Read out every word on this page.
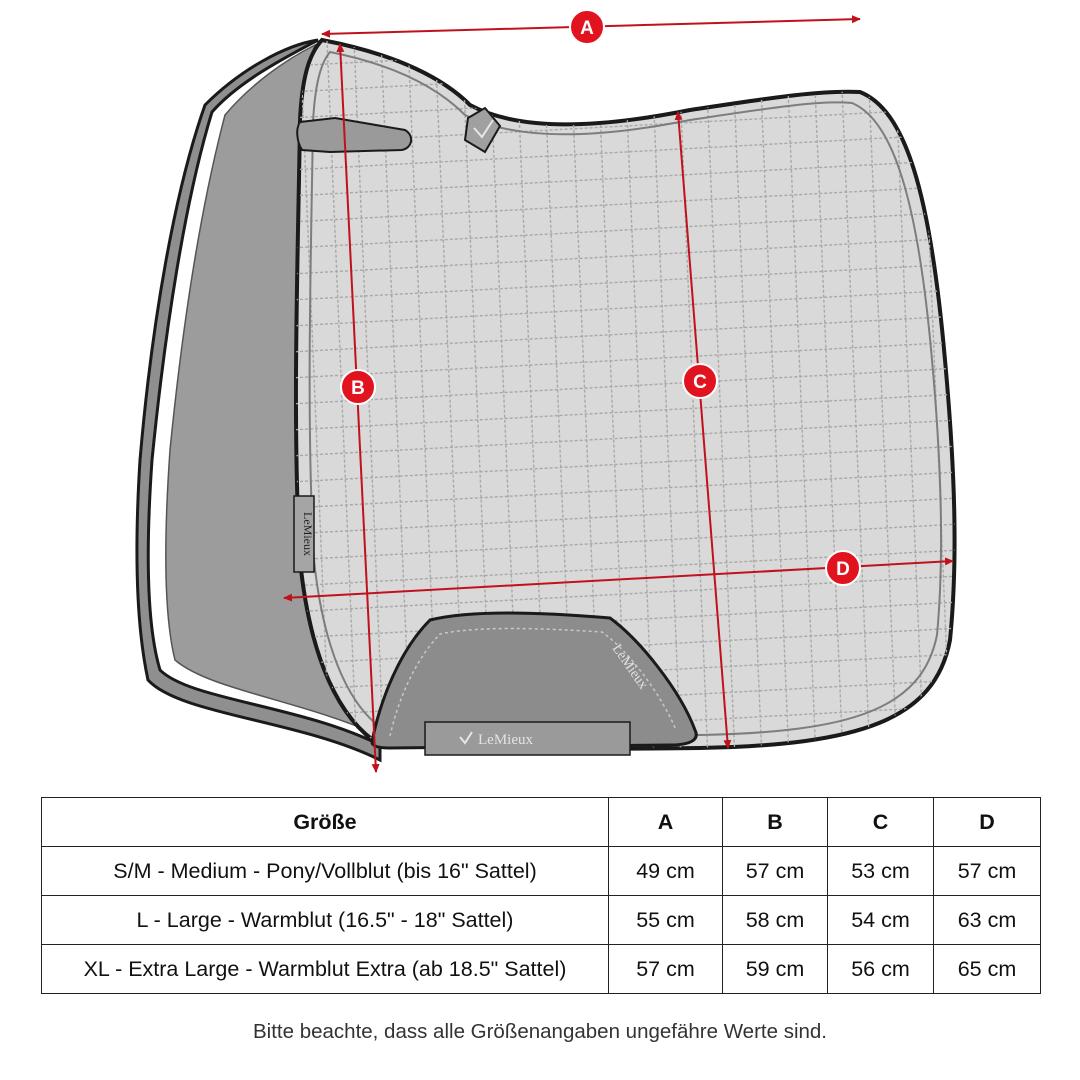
LeMieux
LeMieux
LeMieux
A
B	C
D
Größe	A	B	C	D
S/M - Medium - Pony/Vollblut (bis 16" Sattel)	49 cm	57 cm	53 cm	57 cm
L - Large - Warmblut (16.5" - 18" Sattel)	55 cm	58 cm	54 cm	63 cm
XL - Extra Large - Warmblut Extra (ab 18.5" Sattel)	57 cm	59 cm	56 cm	65 cm
Bitte beachte, dass alle Größenangaben ungefähre Werte sind.
